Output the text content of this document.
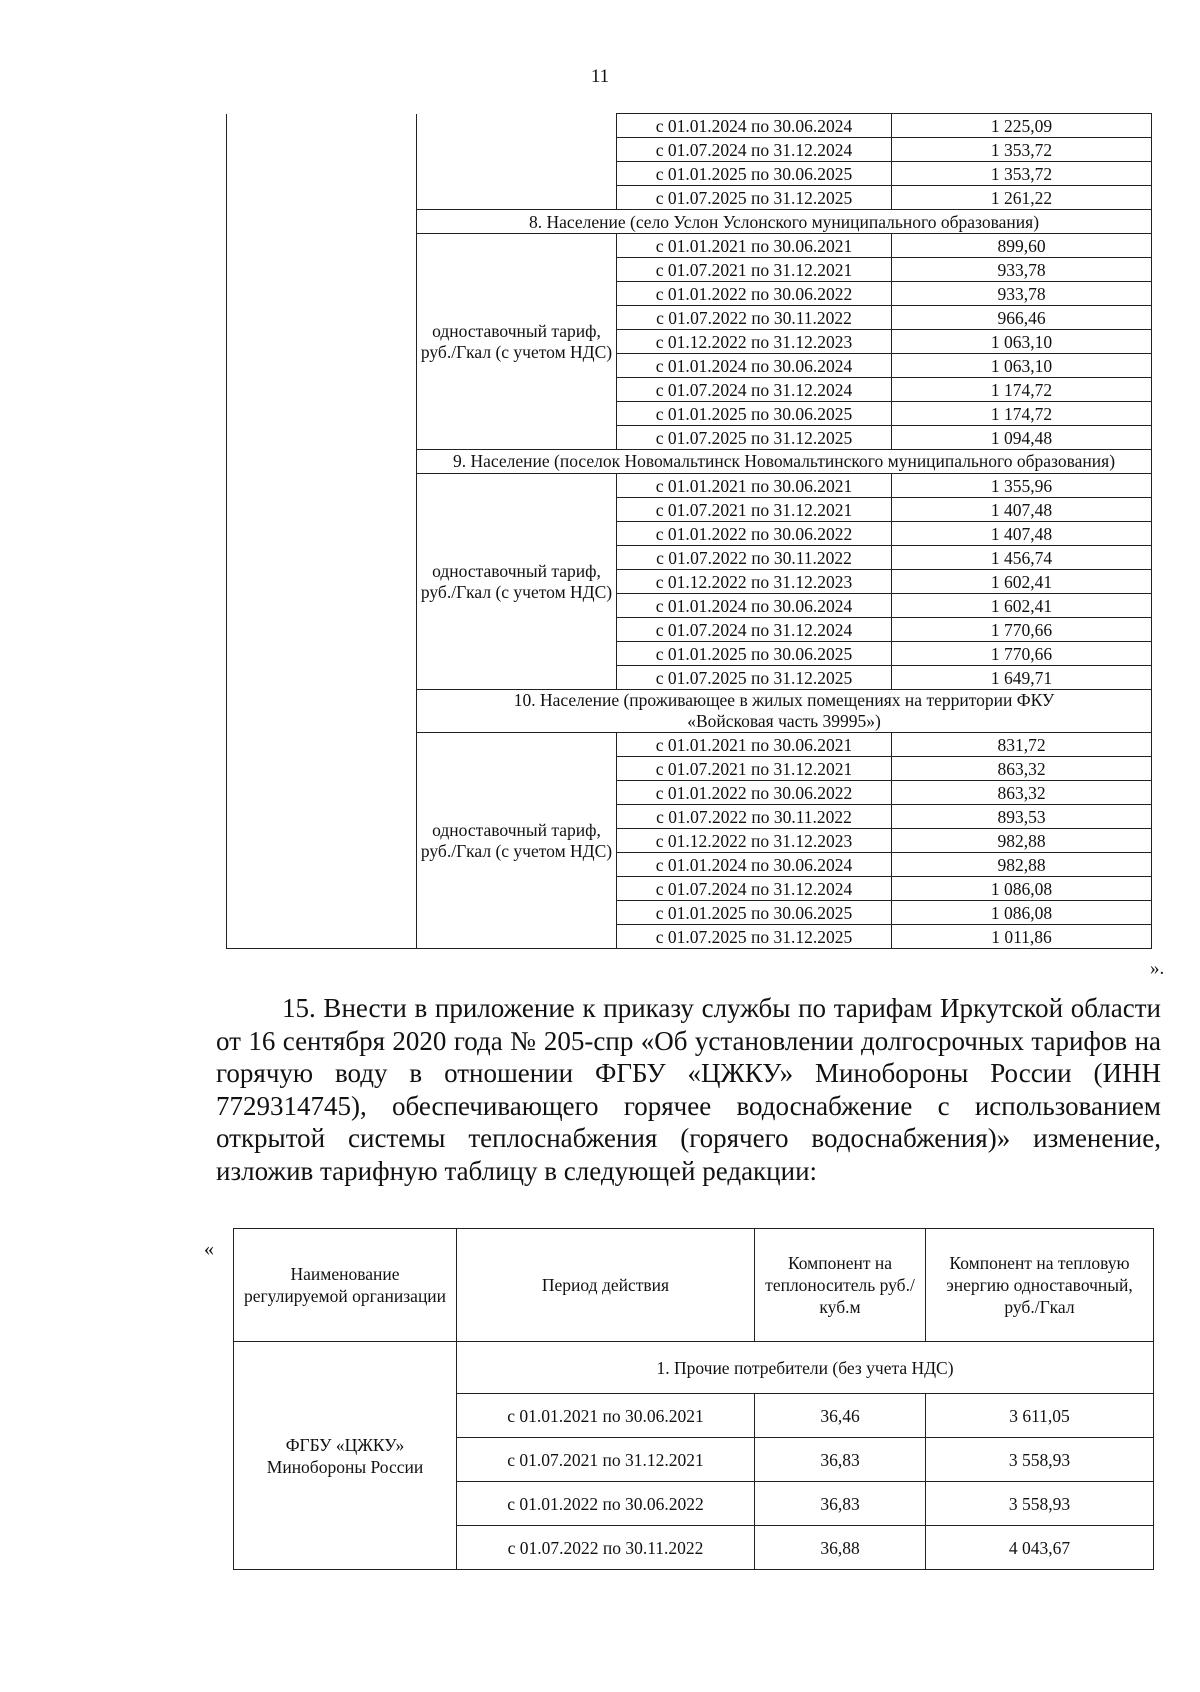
11
		с 01.01.2024 по 30.06.2024	1 225,09
		с 01.07.2024 по 31.12.2024	1 353,72
		с 01.01.2025 по 30.06.2025	1 353,72
		с 01.07.2025 по 31.12.2025	1 261,22
	8. Население (село Услон Услонского муниципального образования)		
	одноставочный тариф, руб./Гкал (с учетом НДС)	с 01.01.2021 по 30.06.2021	899,60
		с 01.07.2021 по 31.12.2021	933,78
		с 01.01.2022 по 30.06.2022	933,78
		с 01.07.2022 по 30.11.2022	966,46
		с 01.12.2022 по 31.12.2023	1 063,10
		с 01.01.2024 по 30.06.2024	1 063,10
		с 01.07.2024 по 31.12.2024	1 174,72
		с 01.01.2025 по 30.06.2025	1 174,72
		с 01.07.2025 по 31.12.2025	1 094,48
	9. Население (поселок Новомальтинск Новомальтинского муниципального образования)		
	одноставочный тариф, руб./Гкал (с учетом НДС)	с 01.01.2021 по 30.06.2021	1 355,96
		с 01.07.2021 по 31.12.2021	1 407,48
		с 01.01.2022 по 30.06.2022	1 407,48
		с 01.07.2022 по 30.11.2022	1 456,74
		с 01.12.2022 по 31.12.2023	1 602,41
		с 01.01.2024 по 30.06.2024	1 602,41
		с 01.07.2024 по 31.12.2024	1 770,66
		с 01.01.2025 по 30.06.2025	1 770,66
		с 01.07.2025 по 31.12.2025	1 649,71
	10. Население (проживающее в жилых помещениях на территории ФКУ «Войсковая часть 39995»)		
	одноставочный тариф, руб./Гкал (с учетом НДС)	с 01.01.2021 по 30.06.2021	831,72
		с 01.07.2021 по 31.12.2021	863,32
		с 01.01.2022 по 30.06.2022	863,32
		с 01.07.2022 по 30.11.2022	893,53
		с 01.12.2022 по 31.12.2023	982,88
		с 01.01.2024 по 30.06.2024	982,88
		с 01.07.2024 по 31.12.2024	1 086,08
		с 01.01.2025 по 30.06.2025	1 086,08
		с 01.07.2025 по 31.12.2025	1 011,86
».

15. Внести в приложение к приказу службы по тарифам Иркутской области от 16 сентября 2020 года № 205-спр «Об установлении долгосрочных тарифов на горячую воду в отношении ФГБУ «ЦЖКУ» Минобороны России (ИНН 7729314745), обеспечивающего горячее водоснабжение с использованием открытой системы теплоснабжения (горячего водоснабжения)» изменение, изложив тарифную таблицу в следующей редакции:

«
Наименование регулируемой организации	Период действия	Компонент на теплоноситель руб./куб.м	Компонент на тепловую энергию одноставочный, руб./Гкал
ФГБУ «ЦЖКУ» Минобороны России	1. Прочие потребители (без учета НДС)		
	с 01.01.2021 по 30.06.2021	36,46	3 611,05
	с 01.07.2021 по 31.12.2021	36,83	3 558,93
	с 01.01.2022 по 30.06.2022	36,83	3 558,93
	с 01.07.2022 по 30.11.2022	36,88	4 043,67
